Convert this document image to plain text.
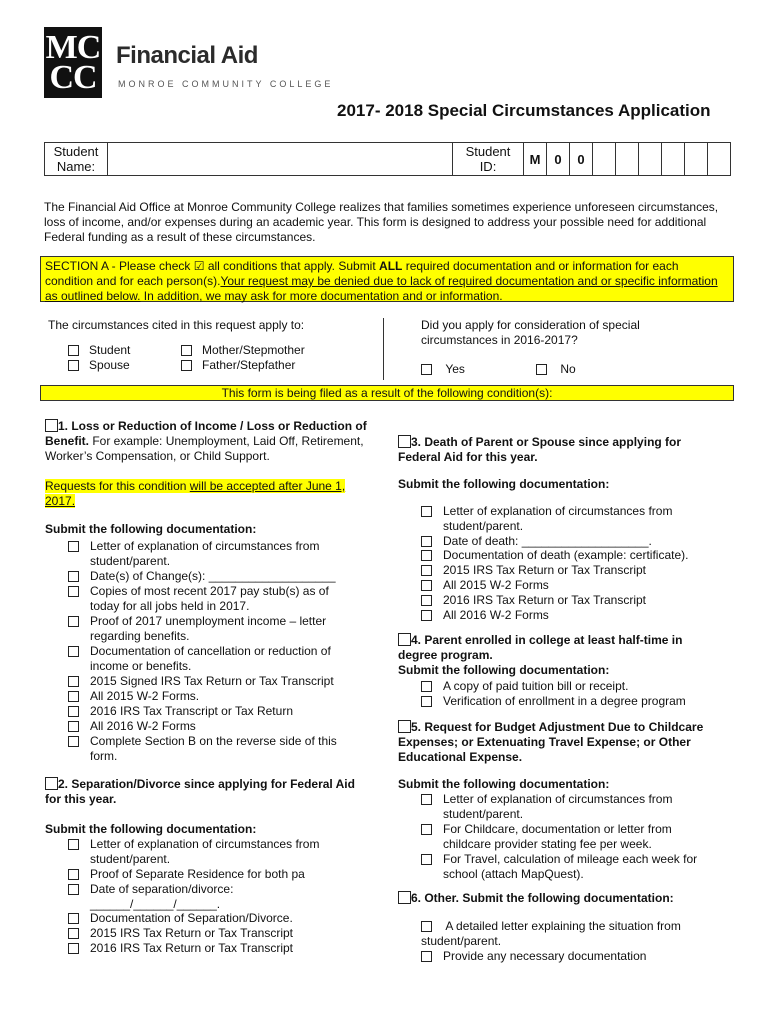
MC
CC
Financial Aid
MONROE COMMUNITY COLLEGE
2017- 2018 Special Circumstances Application
Student
Name:

Student
ID:	M	0	0						
The Financial Aid Office at Monroe Community College realizes that families sometimes experience unforeseen circumstances, loss of income, and/or expenses during an academic year. This form is designed to address your possible need for additional Federal funding as a result of these circumstances.
SECTION A - Please check ☑ all conditions that apply. Submit ALL required documentation and or information for each condition and for each person(s).Your request may be denied due to lack of required documentation and or specific information as outlined below. In addition, we may ask for more documentation and or information.
The circumstances cited in this request apply to:
Student
Spouse
Mother/Stepmother
Father/Stepfather
Did you apply for consideration of special
circumstances in 2016-2017?
Yes	No
This form is being filed as a result of the following condition(s):
1. Loss or Reduction of Income / Loss or Reduction of Benefit. For example: Unemployment, Laid Off, Retirement, Worker’s Compensation, or Child Support.
Requests for this condition will be accepted after June 1, 2017.
Submit the following documentation:
Letter of explanation of circumstances from student/parent.
Date(s) of Change(s): ___________________
Copies of most recent 2017 pay stub(s) as of today for all jobs held in 2017.
Proof of 2017 unemployment income – letter regarding benefits.
Documentation of cancellation or reduction of income or benefits.
2015 Signed IRS Tax Return or Tax Transcript
All 2015 W-2 Forms.
2016 IRS Tax Transcript or Tax Return
All 2016 W-2 Forms
Complete Section B on the reverse side of this form.
2. Separation/Divorce since applying for Federal Aid for this year.
Submit the following documentation:
Letter of explanation of circumstances from student/parent.
Proof of Separate Residence for both pa
Date of separation/divorce: ______/______/______.
Documentation of Separation/Divorce.
2015 IRS Tax Return or Tax Transcript
2016 IRS Tax Return or Tax Transcript
3. Death of Parent or Spouse since applying for Federal Aid for this year.
Submit the following documentation:
Letter of explanation of circumstances from student/parent.
Date of death: ___________________.
Documentation of death (example: certificate).
2015 IRS Tax Return or Tax Transcript
All 2015 W-2 Forms
2016 IRS Tax Return or Tax Transcript
All 2016 W-2 Forms
4. Parent enrolled in college at least half-time in degree program.
Submit the following documentation:
A copy of paid tuition bill or receipt.
Verification of enrollment in a degree program
5. Request for Budget Adjustment Due to Childcare Expenses; or Extenuating Travel Expense; or Other Educational Expense.
Submit the following documentation:
Letter of explanation of circumstances from student/parent.
For Childcare, documentation or letter from childcare provider stating fee per week.
For Travel, calculation of mileage each week for school (attach MapQuest).
6. Other. Submit the following documentation:
A detailed letter explaining the situation from student/parent.
Provide any necessary documentation
